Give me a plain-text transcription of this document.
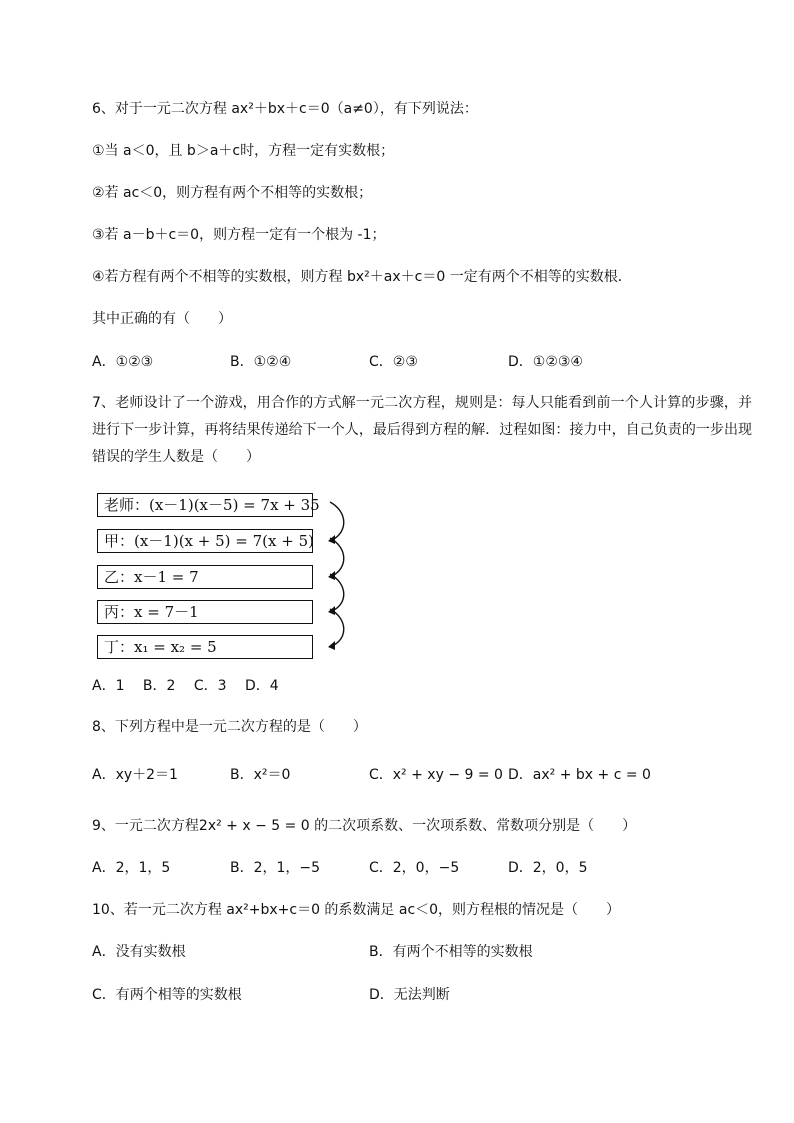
6、对于一元二次方程 ax²＋bx＋c＝0（a≠0），有下列说法：
①当 a＜0，且 b＞a＋c时，方程一定有实数根；
②若 ac＜0，则方程有两个不相等的实数根；
③若 a－b＋c＝0，则方程一定有一个根为 -1；
④若方程有两个不相等的实数根，则方程 bx²＋ax＋c＝0 一定有两个不相等的实数根．
其中正确的有（　　）
A．①②③	B．①②④	C．②③	D．①②③④
7、老师设计了一个游戏，用合作的方式解一元二次方程，规则是：每人只能看到前一个人计算的步骤，并进行下一步计算，再将结果传递给下一个人，最后得到方程的解．过程如图：接力中，自己负责的一步出现错误的学生人数是（　　）
老师：(x－1)(x－5) = 7x + 35
甲：(x－1)(x + 5) = 7(x + 5)
乙：x－1 = 7
丙：x = 7－1
丁：x₁ = x₂ = 5
A．1　 B．2　 C．3　 D．4
8、下列方程中是一元二次方程的是（　　）
A．xy＋2＝1	B．x²＝0	C．x² + xy − 9 = 0 D．ax² + bx + c = 0
9、一元二次方程2x² + x − 5 = 0 的二次项系数、一次项系数、常数项分别是（　　）
A．2，1，5	B．2，1，−5	C．2，0，−5	D．2，0，5
10、若一元二次方程 ax²+bx+c＝0 的系数满足 ac＜0，则方程根的情况是（　　）
A．没有实数根	B．有两个不相等的实数根
C．有两个相等的实数根	D．无法判断
